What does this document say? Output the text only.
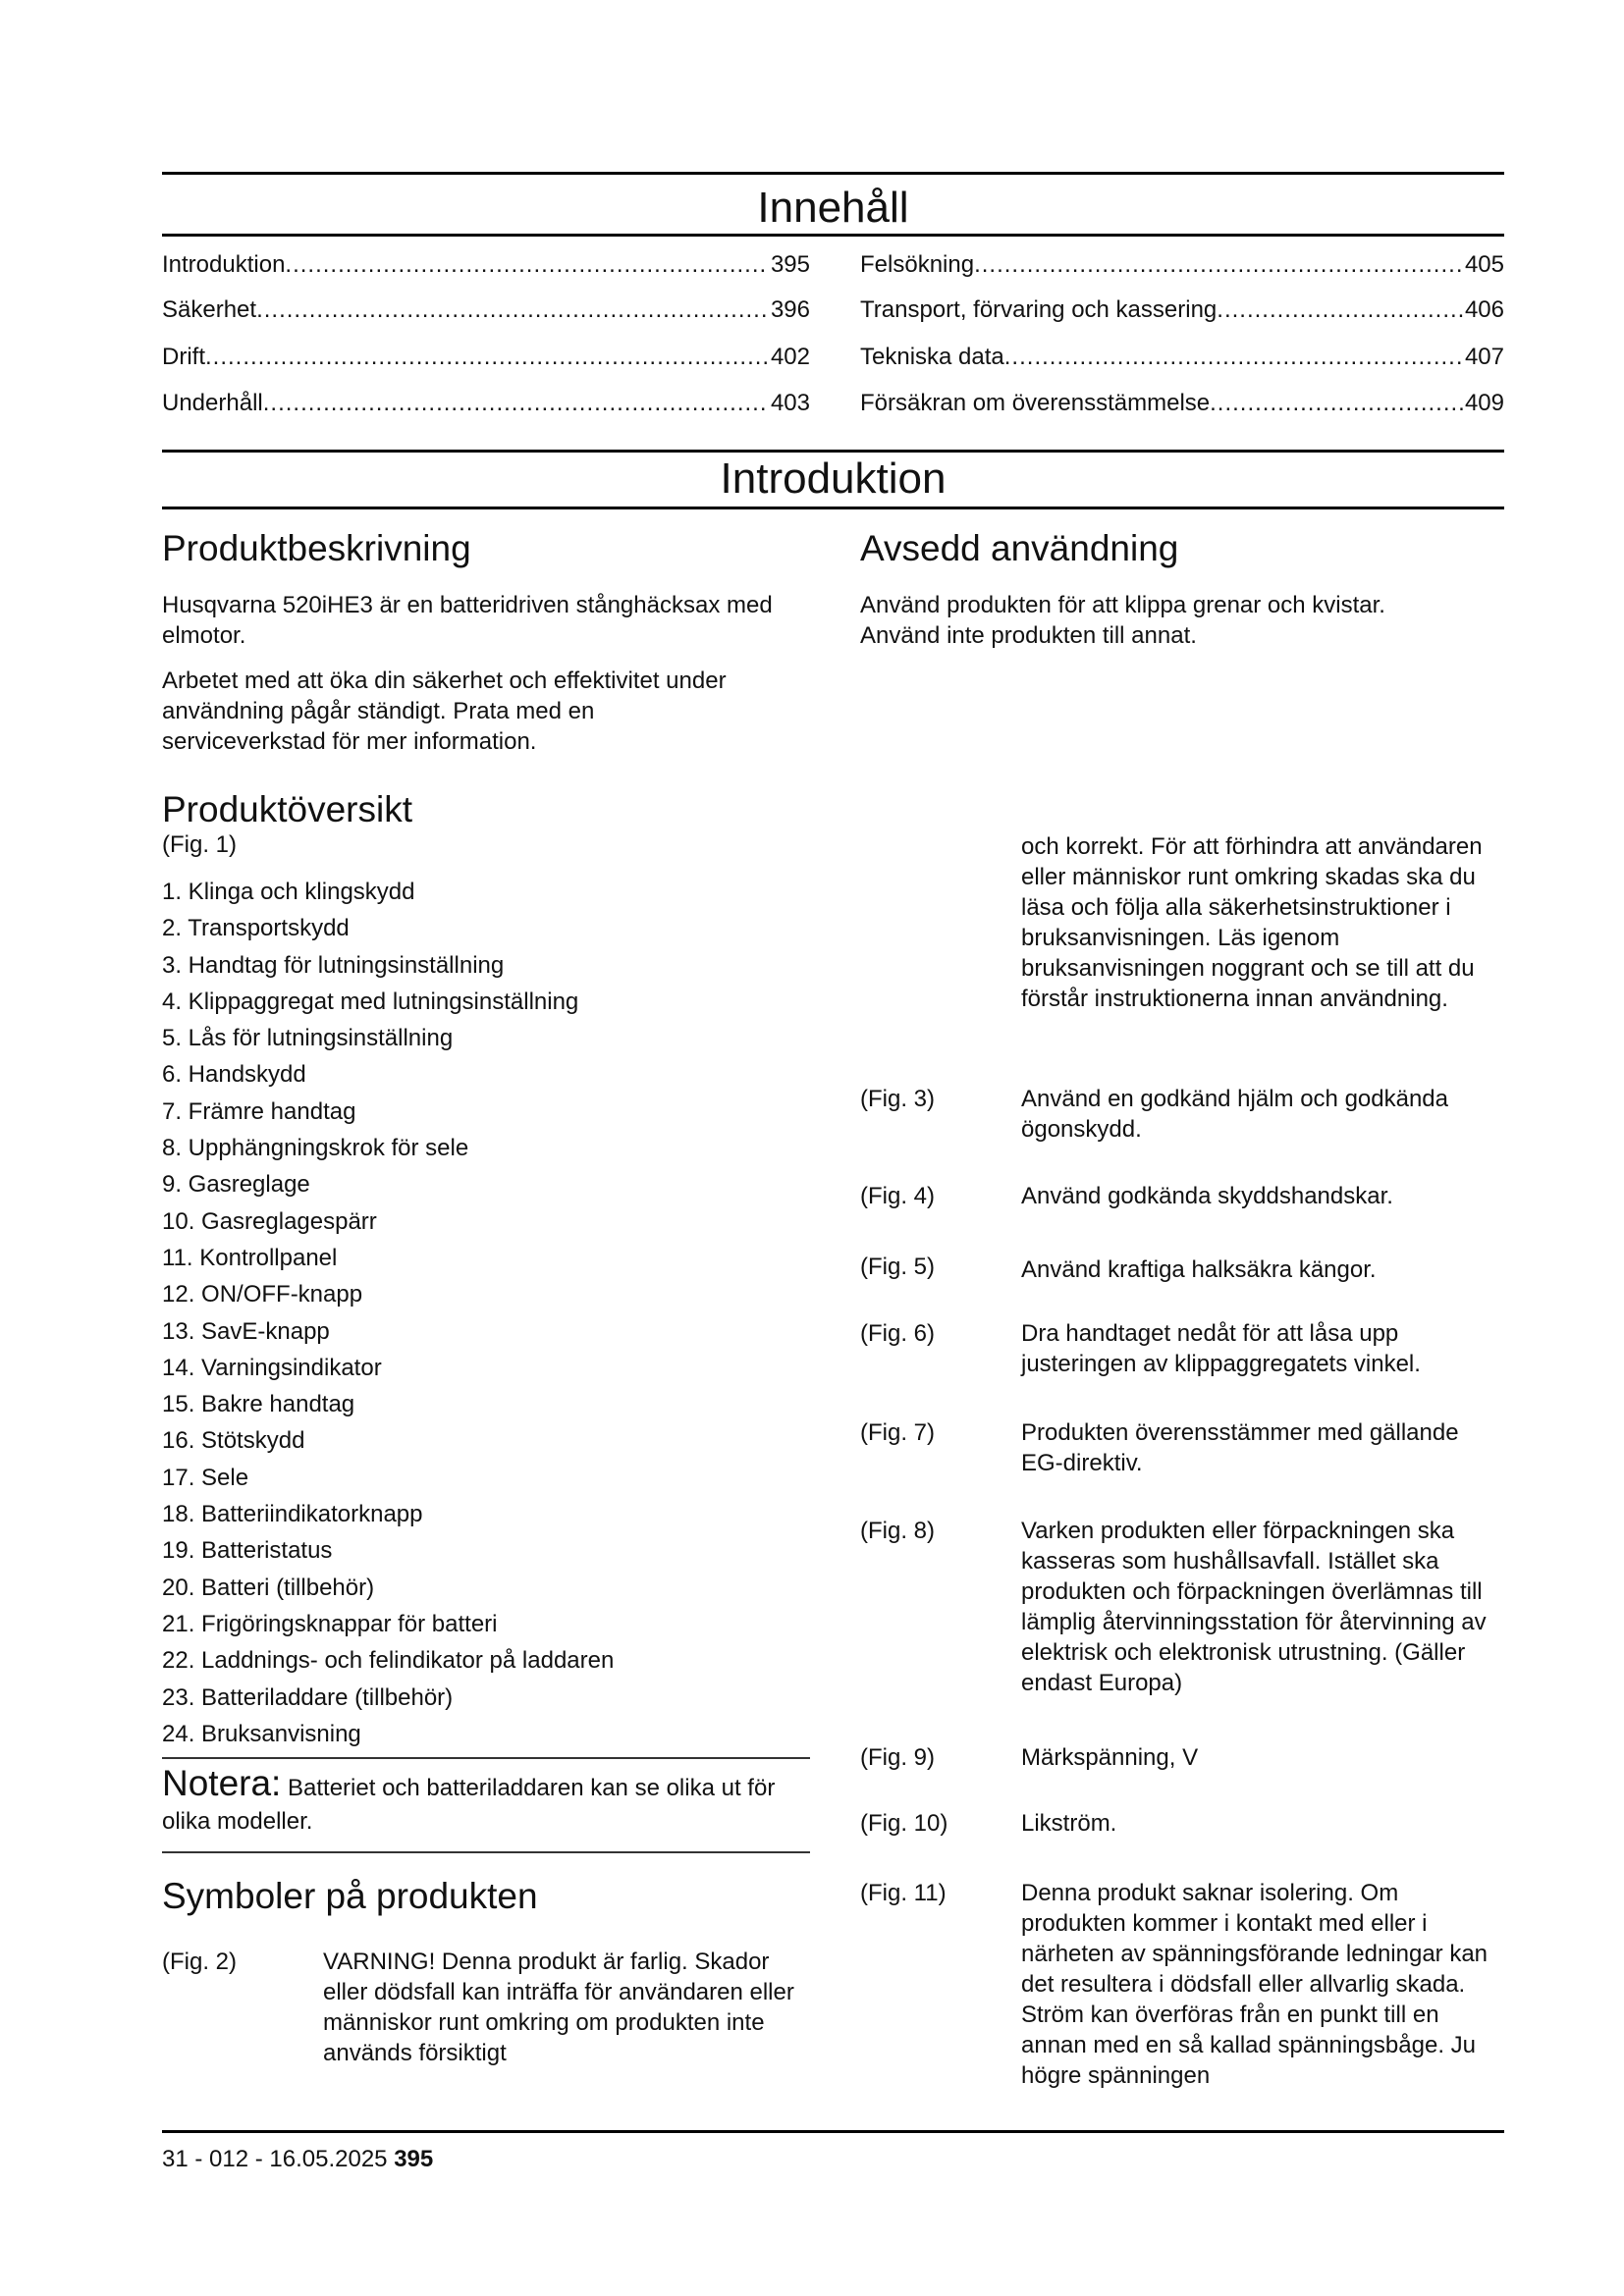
Innehåll
Introduktion .....	395
Säkerhet .....	396
Drift .....	402
Underhåll .....	403
Felsökning .....	405
Transport, förvaring och kassering .....	406
Tekniska data .....	407
Försäkran om överensstämmelse .....	409
Introduktion
Produktbeskrivning

Husqvarna 520iHE3 är en batteridriven stånghäcksax med elmotor.

Arbetet med att öka din säkerhet och effektivitet under användning pågår ständigt. Prata med en serviceverkstad för mer information.

Produktöversikt

(Fig. 1)

1. Klinga och klingskydd
2. Transportskydd
3. Handtag för lutningsinställning
4. Klippaggregat med lutningsinställning
5. Lås för lutningsinställning
6. Handskydd
7. Främre handtag
8. Upphängningskrok för sele
9. Gasreglage
10. Gasreglagespärr
11. Kontrollpanel
12. ON/OFF-knapp
13. SavE-knapp
14. Varningsindikator
15. Bakre handtag
16. Stötskydd
17. Sele
18. Batteriindikatorknapp
19. Batteristatus
20. Batteri (tillbehör)
21. Frigöringsknappar för batteri
22. Laddnings- och felindikator på laddaren
23. Batteriladdare (tillbehör)
24. Bruksanvisning
Notera: Batteriet och batteriladdaren kan se olika ut för olika modeller.
Symboler på produkten
(Fig. 2)	VARNING! Denna produkt är farlig. Skador eller dödsfall kan inträffa för användaren eller människor runt omkring om produkten inte används försiktigt
Avsedd användning

Använd produkten för att klippa grenar och kvistar. Använd inte produkten till annat.

och korrekt. För att förhindra att användaren eller människor runt omkring skadas ska du läsa och följa alla säkerhetsinstruktioner i bruksanvisningen. Läs igenom bruksanvisningen noggrant och se till att du förstår instruktionerna innan användning.

(Fig. 3)	Använd en godkänd hjälm och godkända ögonskydd.
(Fig. 4)	Använd godkända skyddshandskar.
(Fig. 5)	Använd kraftiga halksäkra kängor.
(Fig. 6)	Dra handtaget nedåt för att låsa upp justeringen av klippaggregatets vinkel.
(Fig. 7)	Produkten överensstämmer med gällande EG-direktiv.
(Fig. 8)	Varken produkten eller förpackningen ska kasseras som hushållsavfall. Istället ska produkten och förpackningen överlämnas till lämplig återvinningsstation för återvinning av elektrisk och elektronisk utrustning. (Gäller endast Europa)
(Fig. 9)	Märkspänning, V
(Fig. 10)	Likström.
(Fig. 11)	Denna produkt saknar isolering. Om produkten kommer i kontakt med eller i närheten av spänningsförande ledningar kan det resultera i dödsfall eller allvarlig skada. Ström kan överföras från en punkt till en annan med en så kallad spänningsbåge. Ju högre spänningen
31 - 012 - 16.05.2025 395
